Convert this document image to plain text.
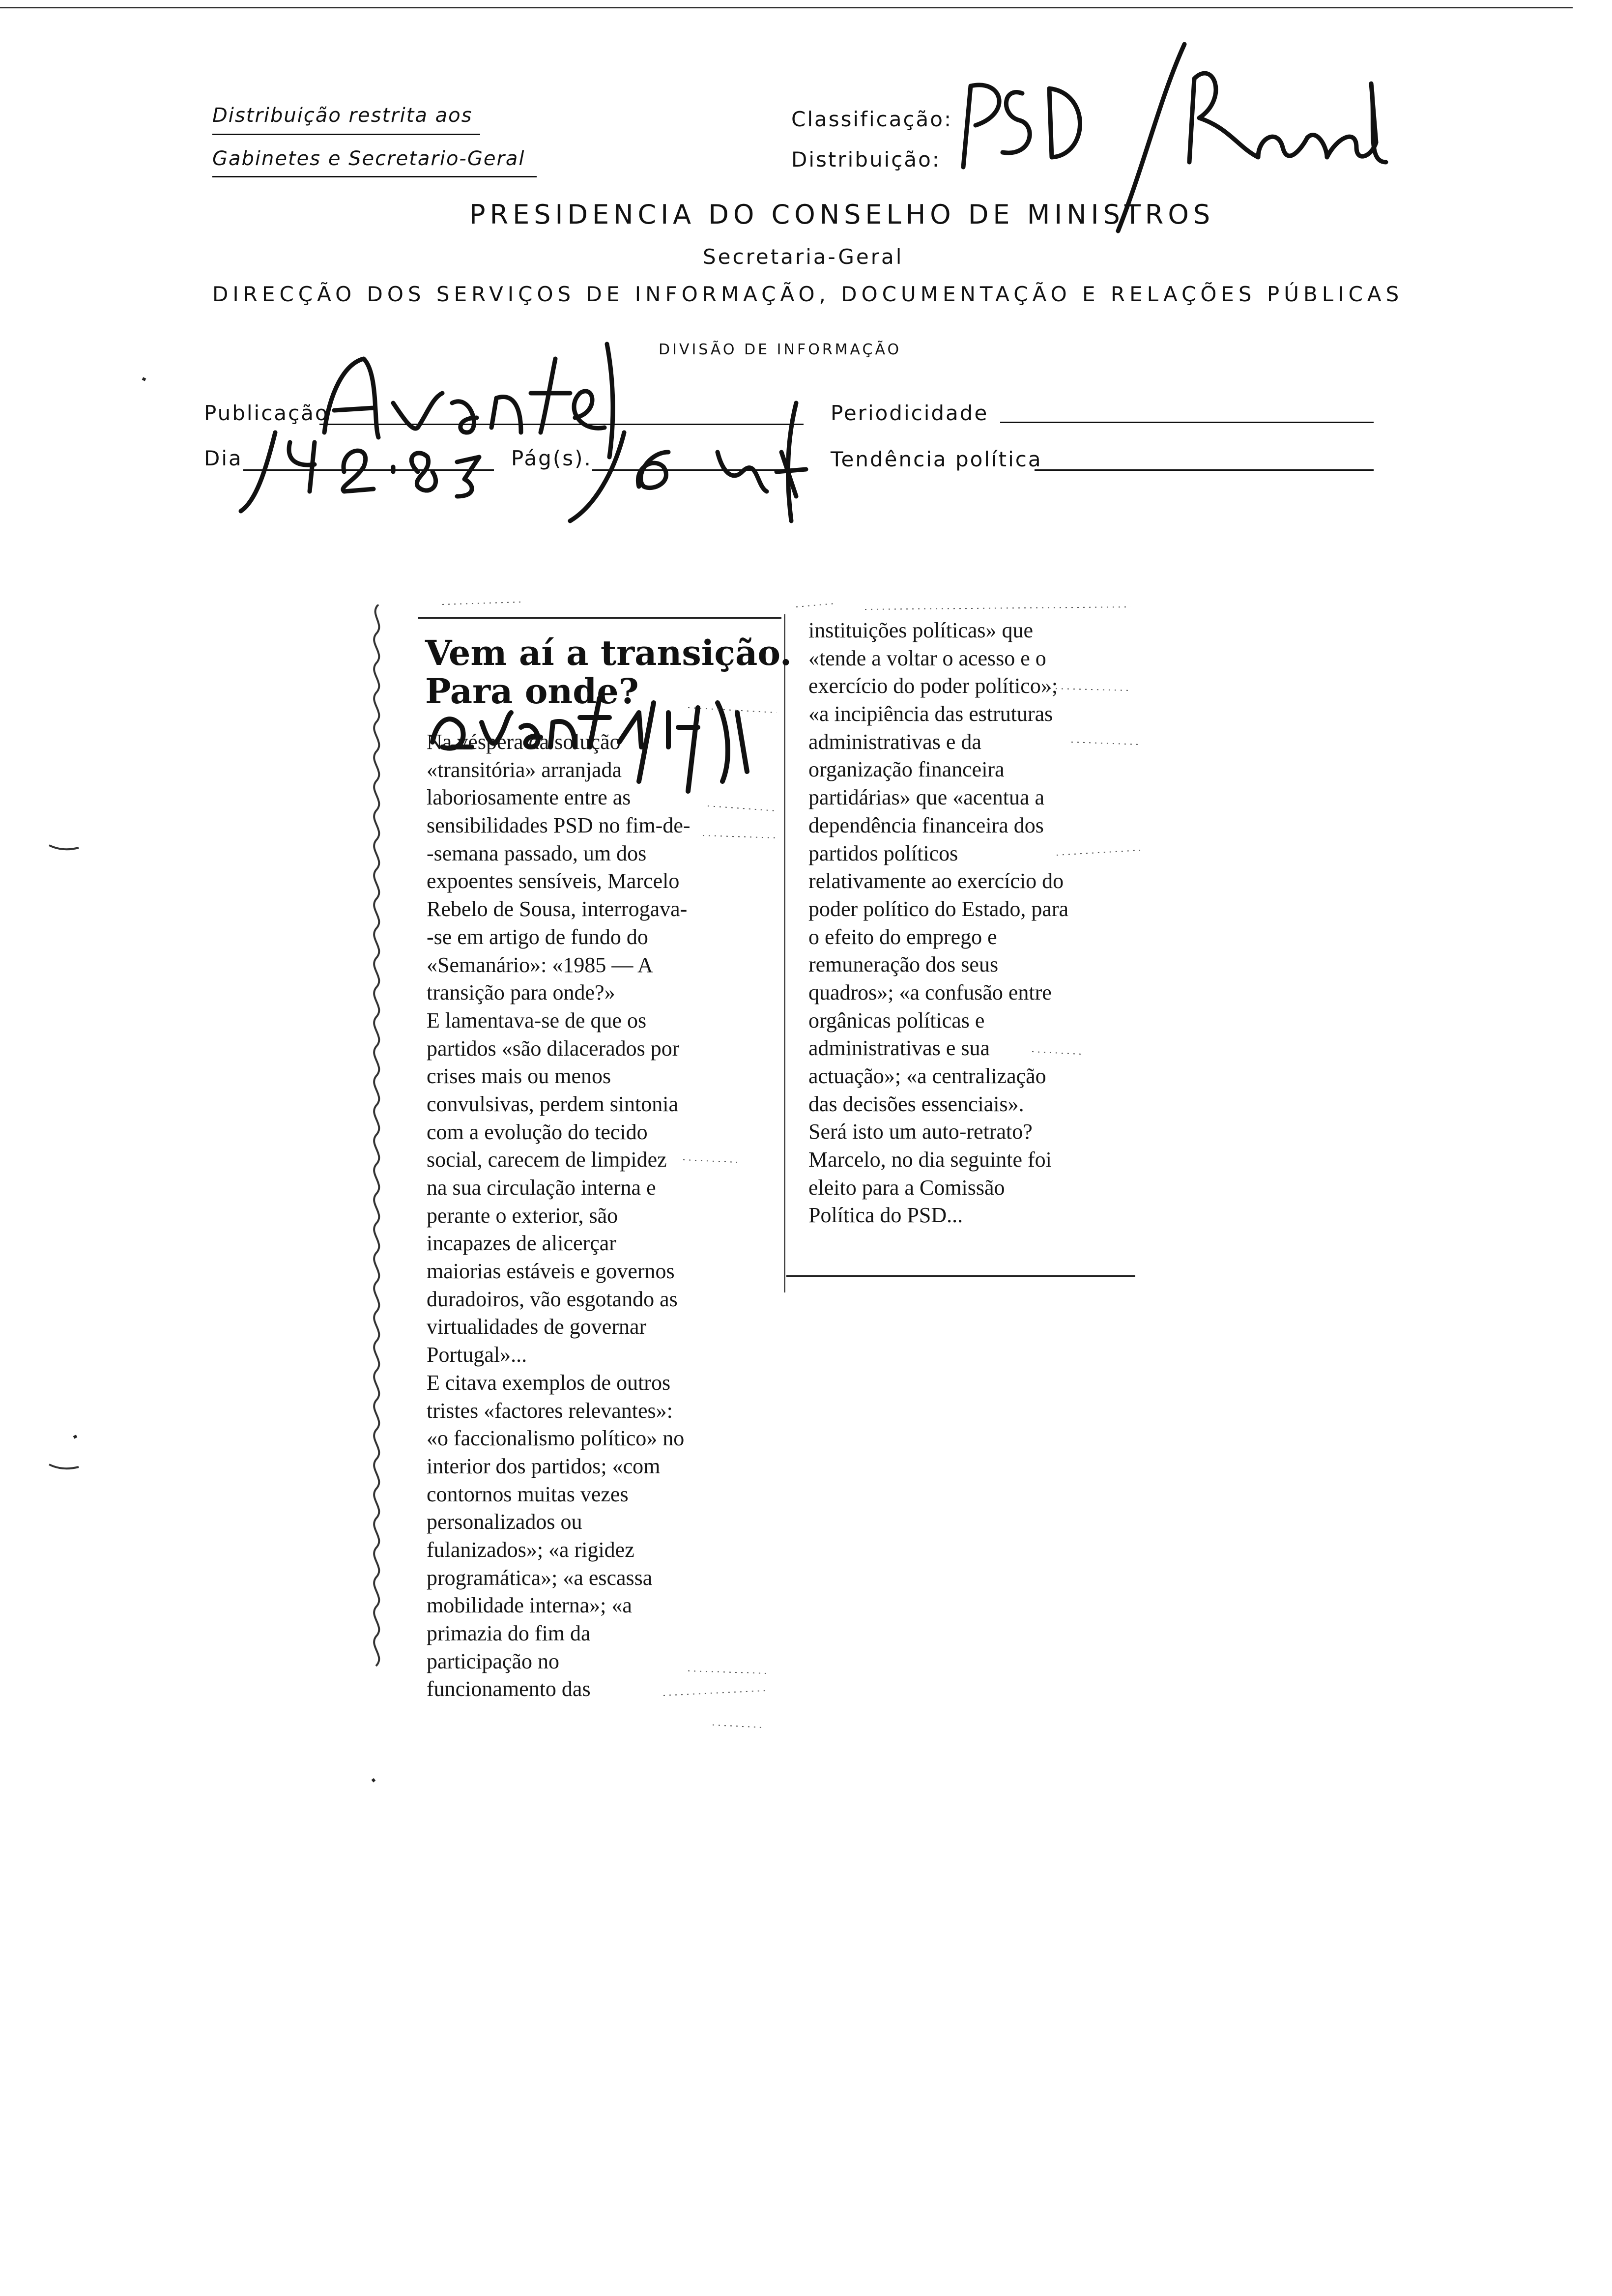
Distribuição restrita aos
Gabinetes e Secretario-Geral
Classificação:
Distribuição:
PRESIDENCIA DO CONSELHO DE MINISTROS
Secretaria-Geral
DIRECÇÃO DOS SERVIÇOS DE INFORMAÇÃO, DOCUMENTAÇÃO E RELAÇÕES PÚBLICAS
DIVISÃO DE INFORMAÇÃO
Publicação	Periodicidade
Dia	Pág(s).	Tendência política
Vem aí a transição.
Para onde?
Na véspera da solução
«transitória» arranjada
laboriosamente entre as
sensibilidades PSD no fim-de-
-semana passado, um dos
expoentes sensíveis, Marcelo
Rebelo de Sousa, interrogava-
-se em artigo de fundo do
«Semanário»: «1985 — A
transição para onde?»
E lamentava-se de que os
partidos «são dilacerados por
crises mais ou menos
convulsivas, perdem sintonia
com a evolução do tecido
social, carecem de limpidez
na sua circulação interna e
perante o exterior, são
incapazes de alicerçar
maiorias estáveis e governos
duradoiros, vão esgotando as
virtualidades de governar
Portugal»...
E citava exemplos de outros
tristes «factores relevantes»:
«o faccionalismo político» no
interior dos partidos; «com
contornos muitas vezes
personalizados ou
fulanizados»; «a rigidez
programática»; «a escassa
mobilidade interna»; «a
primazia do fim da
participação no
funcionamento das
instituições políticas» que
«tende a voltar o acesso e o
exercício do poder político»;
«a incipiência das estruturas
administrativas e da
organização financeira
partidárias» que «acentua a
dependência financeira dos
partidos políticos
relativamente ao exercício do
poder político do Estado, para
o efeito do emprego e
remuneração dos seus
quadros»; «a confusão entre
orgânicas políticas e
administrativas e sua
actuação»; «a centralização
das decisões essenciais».
Será isto um auto-retrato?
Marcelo, no dia seguinte foi
eleito para a Comissão
Política do PSD...
